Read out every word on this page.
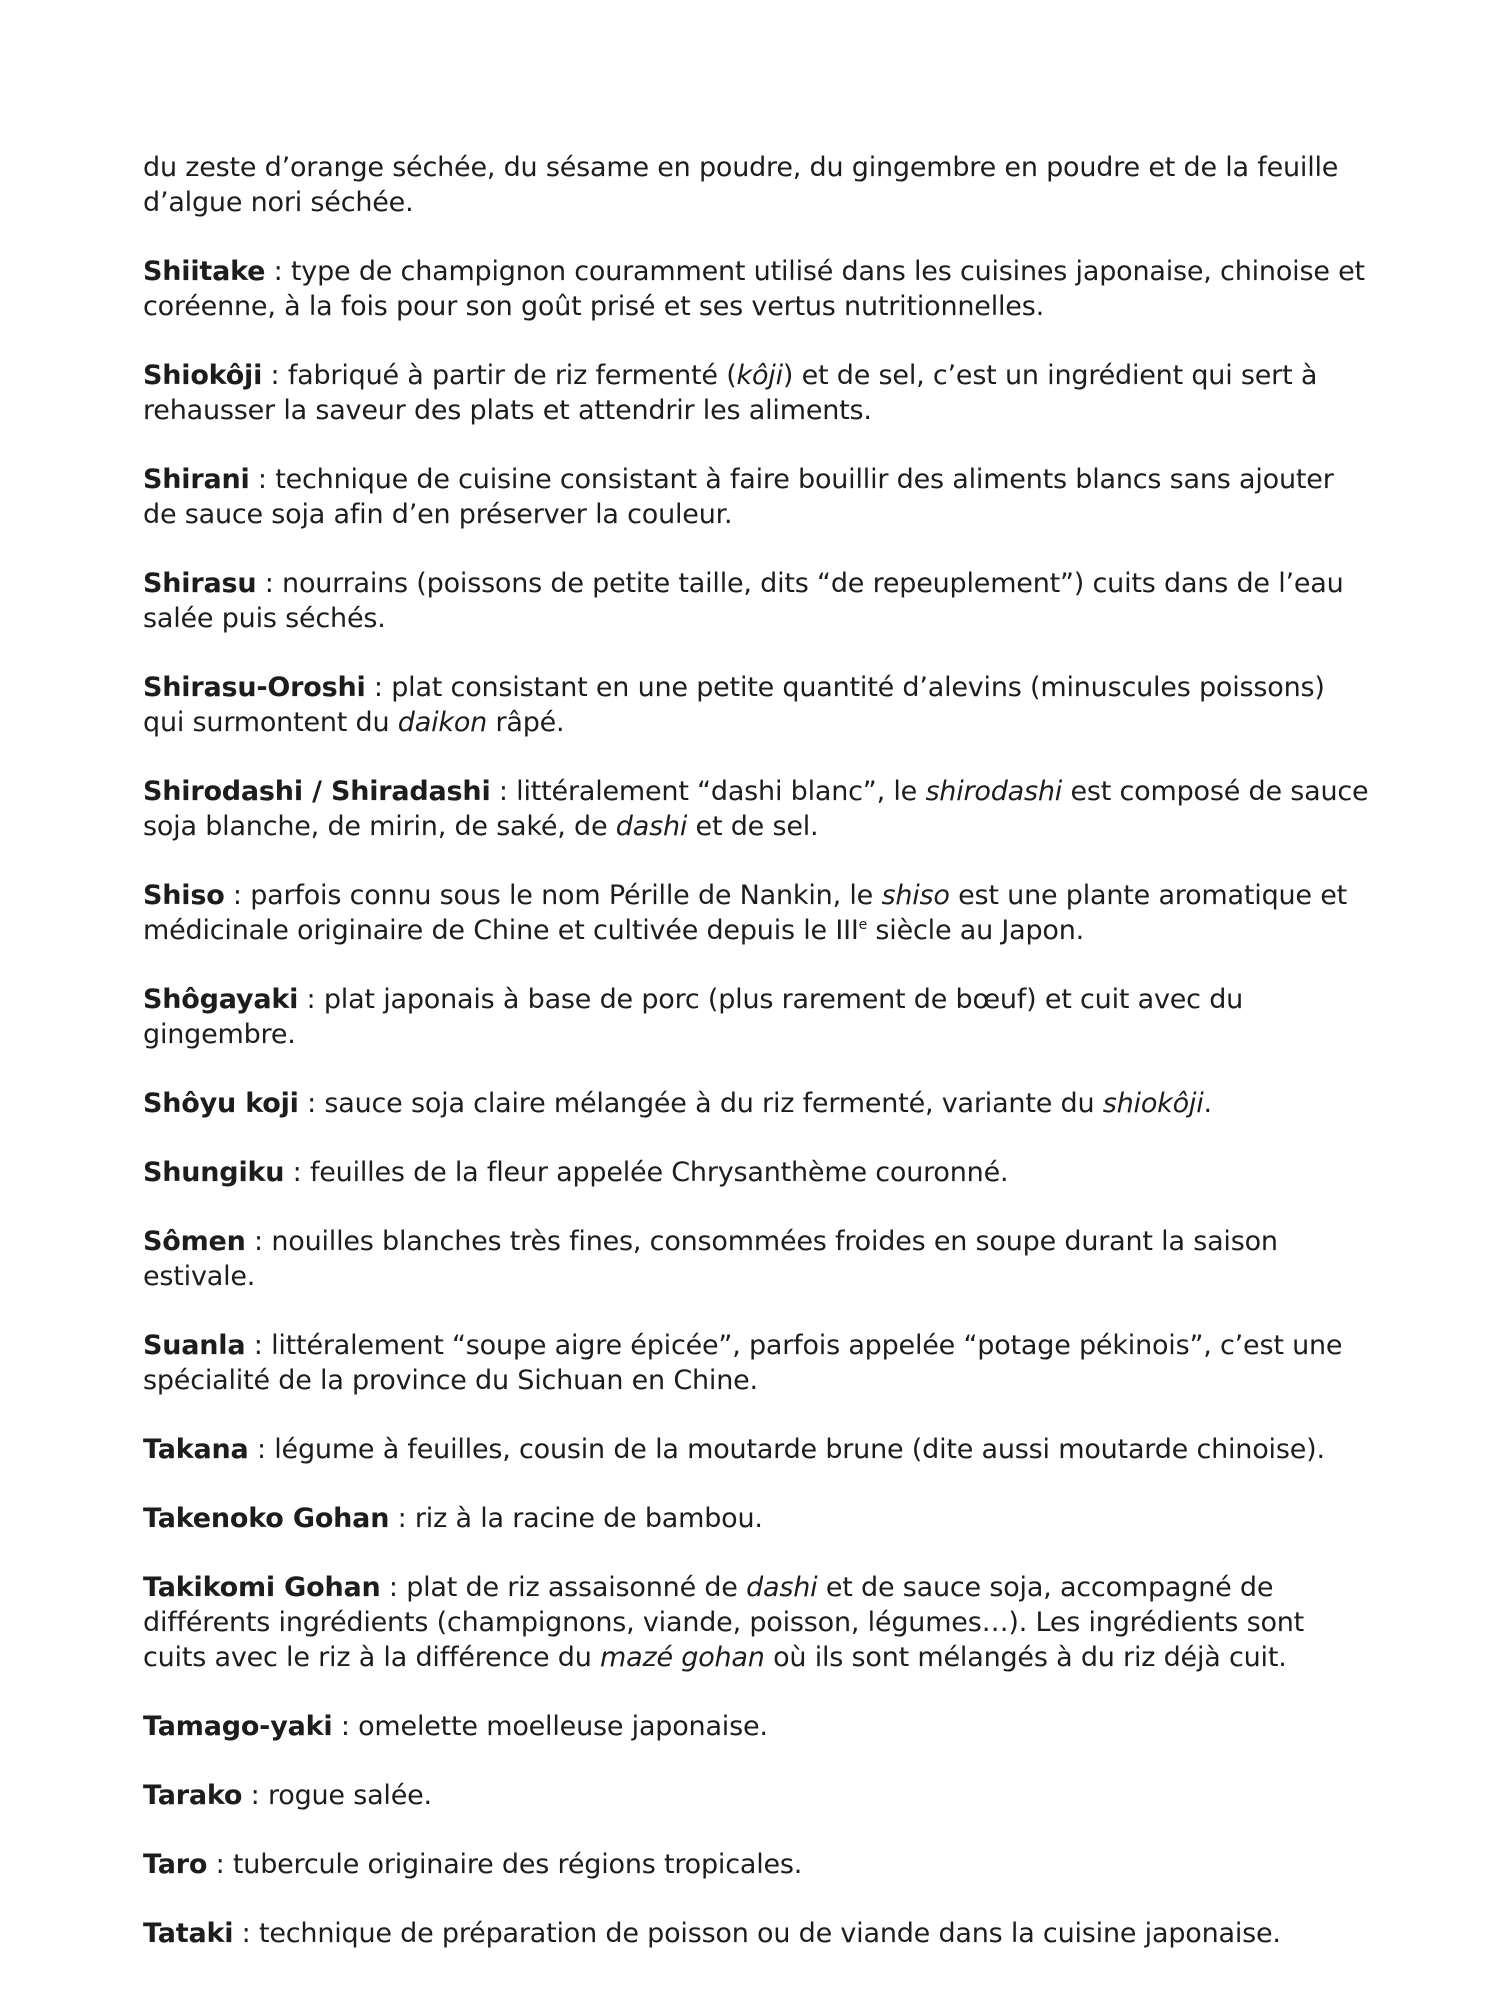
du zeste d’orange séchée, du sésame en poudre, du gingembre en poudre et de la feuille d’algue nori séchée.

Shiitake : type de champignon couramment utilisé dans les cuisines japonaise, chinoise et coréenne, à la fois pour son goût prisé et ses vertus nutritionnelles.

Shiokôji : fabriqué à partir de riz fermenté (kôji) et de sel, c’est un ingrédient qui sert à rehausser la saveur des plats et attendrir les aliments.

Shirani : technique de cuisine consistant à faire bouillir des aliments blancs sans ajouter de sauce soja afin d’en préserver la couleur.

Shirasu : nourrains (poissons de petite taille, dits “de repeuplement”) cuits dans de l’eau salée puis séchés.

Shirasu-Oroshi : plat consistant en une petite quantité d’alevins (minuscules poissons) qui surmontent du daikon râpé.

Shirodashi / Shiradashi : littéralement “dashi blanc”, le shirodashi est composé de sauce soja blanche, de mirin, de saké, de dashi et de sel.

Shiso : parfois connu sous le nom Pérille de Nankin, le shiso est une plante aromatique et médicinale originaire de Chine et cultivée depuis le IIIe siècle au Japon.

Shôgayaki : plat japonais à base de porc (plus rarement de bœuf) et cuit avec du gingembre.

Shôyu koji : sauce soja claire mélangée à du riz fermenté, variante du shiokôji.

Shungiku : feuilles de la fleur appelée Chrysanthème couronné.

Sômen : nouilles blanches très fines, consommées froides en soupe durant la saison estivale.

Suanla : littéralement “soupe aigre épicée”, parfois appelée “potage pékinois”, c’est une spécialité de la province du Sichuan en Chine.

Takana : légume à feuilles, cousin de la moutarde brune (dite aussi moutarde chinoise).

Takenoko Gohan : riz à la racine de bambou.

Takikomi Gohan : plat de riz assaisonné de dashi et de sauce soja, accompagné de différents ingrédients (champignons, viande, poisson, légumes…). Les ingrédients sont cuits avec le riz à la différence du mazé gohan où ils sont mélangés à du riz déjà cuit.

Tamago-yaki : omelette moelleuse japonaise.

Tarako : rogue salée.

Taro : tubercule originaire des régions tropicales.

Tataki : technique de préparation de poisson ou de viande dans la cuisine japonaise.
